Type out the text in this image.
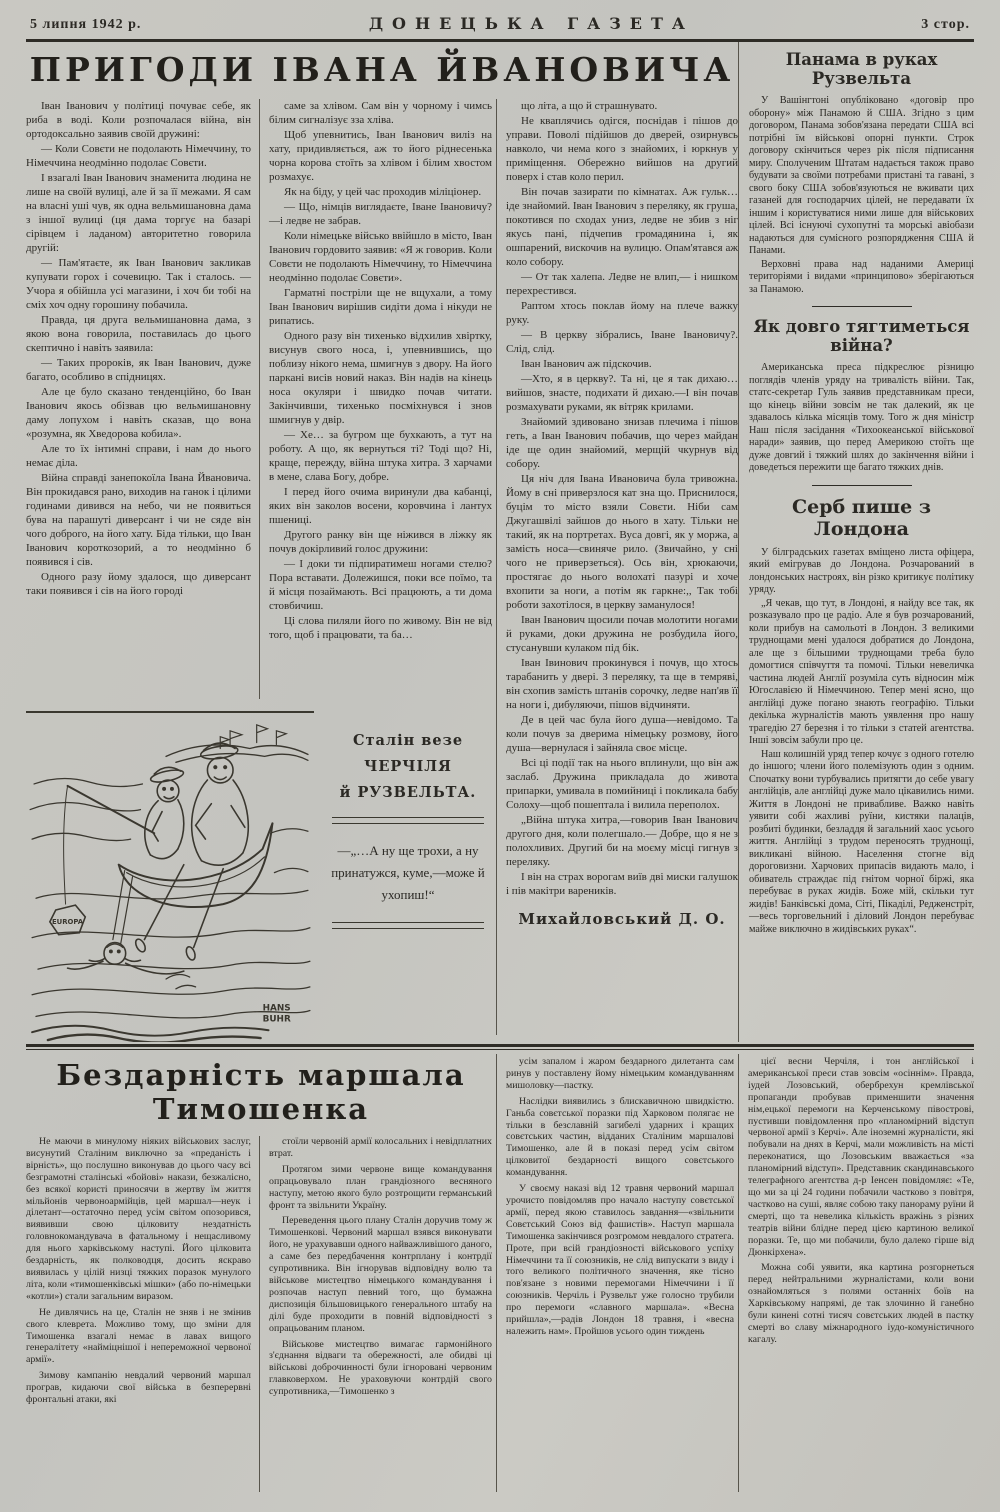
5 липня 1942 р.	ДОНЕЦЬКА ГАЗЕТА	3 стор.
ПРИГОДИ ІВАНА ЙВАНОВИЧА

Іван Іванович у політиці почуває себе, як риба в воді. Коли розпочалася війна, він ортодоксально заявив своїй дружині:

— Коли Совєти не подолають Німеччину, то Німеччина неодмінно подолає Совєти.

І взагалі Іван Іванович знаменита людина не лише на своїй вулиці, але й за її межами. Я сам на власні уші чув, як одна вельмишановна дама з іншої вулиці (ця дама торгує на базарі сірівцем і ладаном) авторитетно говорила другій:

— Пам'ятаєте, як Іван Іванович закликав купувати горох і сочевицю. Так і сталось. — Учора я обійшла усі магазини, і хоч би тобі на сміх хоч одну горошину побачила.

Правда, ця друга вельмишановна дама, з якою вона говорила, поставилась до цього скептично і навіть заявила:

— Таких пророків, як Іван Іванович, дуже багато, особливо в спідницях.

Але це було сказано тенденційно, бо Іван Іванович якось обізвав цю вельмишановну даму лопухом і навіть сказав, що вона «розумна, як Хведорова кобила».

Але то їх інтимні справи, і нам до нього немає діла.

Війна справді занепокоїла Івана Йвановича. Він прокидався рано, виходив на ганок і цілими годинами дивився на небо, чи не появиться бува на парашуті диверсант і чи не сяде він чого доброго, на його хату. Біда тільки, що Іван Іванович короткозорий, а то неодмінно б появився і сів.

Одного разу йому здалося, що диверсант таки появився і сів на його городі

саме за хлівом. Сам він у чорному і чимсь білим сигналізує зза хліва.

Щоб упевнитись, Іван Іванович виліз на хату, придивляється, аж то його ріднесенька чорна корова стоїть за хлівом і білим хвостом розмахує.

Як на біду, у цей час проходив міліціонер.

— Що, німців виглядаєте, Іване Івановичу?—і ледве не забрав.

Коли німецьке військо ввійшло в місто, Іван Іванович гордовито заявив: «Я ж говорив. Коли Совєти не подолають Німеччину, то Німеччина неодмінно подолає Совєти».

Гарматні постріли ще не вщухали, а тому Іван Іванович вирішив сидіти дома і нікуди не рипатись.

Одного разу він тихенько відхилив хвіртку, висунув свого носа, і, упевнившись, що поблизу нікого нема, шмигнув з двору. На його паркані висів новий наказ. Він надів на кінець носа окуляри і швидко почав читати. Закінчивши, тихенько посміхнувся і знов шмигнув у двір.

— Хе… за бугром ще бухкають, а тут на роботу. А що, як вернуться ті? Тоді що? Ні, краще, пережду, війна штука хитра. З харчами в мене, слава Богу, добре.

І перед його очима виринули два кабанці, яких він заколов восени, коровчина і лантух пшениці.

Другого ранку він ще ніжився в ліжку як почув докірливий голос дружини:

— І доки ти підпиратимеш ногами стелю? Пора вставати. Долежишся, поки все поїмо, та й місця позаймають. Всі працюють, а ти дома стовбичиш.

Ці слова пиляли його по живому. Він не від того, щоб і працювати, та ба…

EUROPA
HANS
BUHR
Сталін везе
ЧЕРЧІЛЯ
й РУЗВЕЛЬТА.

—„…А ну ще трохи, а ну принатужся, куме,—може й ухопиш!“

що літа, а що й страшнувато.

Не кваплячись одігся, поснідав і пішов до управи. Поволі підійшов до дверей, озирнувсь навколо, чи нема кого з знайомих, і юркнув у приміщення. Обережно вийшов на другий поверх і став коло перил.

Він почав зазирати по кімнатах. Аж гульк… іде знайомий. Іван Іванович з переляку, як груша, покотився по сходах униз, ледве не збив з ніг якусь пані, підчепив громадянина і, як ошпарений, вискочив на вулицю. Опам'ятався аж коло собору.

— От так халепа. Ледве не влип,— і нишком перехрестився.

Раптом хтось поклав йому на плече важку руку.

— В церкву зібрались, Іване Івановичу?. Слід, слід.

Іван Іванович аж підскочив.

—Хто, я в церкву?. Та ні, це я так дихаю… вийшов, знасте, подихати й дихаю.—І він почав розмахувати руками, як вітряк крилами.

Знайомий здивовано знизав плечима і пішов геть, а Іван Іванович побачив, що через майдан іде ще один знайомий, мерщій чкурнув від собору.

Ця ніч для Івана Ивановича була тривожна. Йому в сні приверзлося кат зна що. Приснилося, буцім то місто взяли Совєти. Ніби сам Джугашвілі зайшов до нього в хату. Тільки не такий, як на портретах. Вуса довгі, як у моржа, а замість носа—свиняче рило. (Звичайно, у сні чого не приверзеться). Ось він, хрюкаючи, простягає до нього волохаті пазурі и хоче вхопити за ноги, а потім як гаркне:,, Так тобі роботи захотілося, в церкву заманулося!

Іван Іванович щосили почав молотити ногами й руками, доки дружина не розбудила його, стусанувши кулаком під бік.

Іван Івинович прокинувся і почув, що хтось тарабанить у двері. З переляку, та ще в темряві, він схопив замість штанів сорочку, ледве нап'яв її на ноги і, дибуляючи, пішов відчиняти.

Де в цей час була його душа—невідомо. Та коли почув за дверима німецьку розмову, його душа—вернулася і зайняла своє місце.

Всі ці події так на нього вплинули, що він аж заслаб. Дружина прикладала до живота припарки, умивала в помийниці і покликала бабу Солоху—щоб пошептала і вилила переполох.

„Війна штука хитра,—говорив Іван Іванович другого дня, коли полегшало.— Добре, що я не з полохливих. Другий би на моєму місці гигнув з переляку.

І він на страх ворогам виїв дві миски галушок і пів макітри вареників.

Михайловський Д. О.
Панама в руках Рузвельта

У Вашінгтоні опубліковано «договір про оборону» між Панамою й США. Згідно з цим договором, Панама зобов'язана передати США всі потрібні їм військові опорні пункти. Строк договору скінчиться через рік після підписання миру. Сполученим Штатам надається також право будувати за своїми потребами пристані та гавані, з свого боку США зобов'язуються не вживати цих газаней для господарчих цілей, не передавати їх іншим і користуватися ними лише для військових цілей. Всі існуючі сухопутні та морські авіобази надаються для сумісного розпорядження США й Панами.

Верховні права над наданими Америці територіями і видами «принципово» зберігаються за Панамою.

Як довго тягтиметься війна?

Американська преса підкреслює різницю поглядів членів уряду на тривалість війни. Так, статс-секретар Гуль заявив представникам преси, що кінець війни зовсім не так далекий, як це здавалось кілька місяців тому. Того ж дня міністр Наш після засідання «Тихоокеанської військової наради» заявив, що перед Америкою стоїть ще дуже довгий і тяжкий шлях до закінчення війни і доведеться пережити ще багато тяжких днів.

Серб пише з Лондона

У білградських газетах вміщено листа офіцера, який емігрував до Лондона. Розчарований в лондонських настроях, він різко критикує політику уряду.

„Я чекав, що тут, в Лондоні, я найду все так, як розказувало про це радіо. Але я був розчарований, коли прибув на самольоті в Лондон. З великими труднощами мені удалося добратися до Лондона, але ще з більшими труднощами треба було домогтися співчуття та помочі. Тільки невеличка частина людей Англії розуміла суть відносин між Югославією й Німеччиною. Тепер мені ясно, що англійці дуже погано знають географію. Тільки декілька журналістів мають уявлення про нашу трагедію 27 березня і то тільки з статей агентства. Інші зовсім забули про це.

Наш колишній уряд тепер кочує з одного готелю до іншого; члени його полемізують один з одним. Спочатку вони турбувались притягти до себе увагу англійців, але англійці дуже мало цікавились ними. Життя в Лондоні не привабливе. Важко навіть уявити собі жахливі руїни, кистяки палаців, розбиті будинки, безладдя й загальний хаос усього життя. Англійці з трудом переносять труднощі, викликані війною. Населення стогне від дороговизни. Харчових припасів видають мало, і обиватель страждає під гнітом чорної біржі, яка перебуває в руках жидів. Боже мій, скільки тут жидів! Банківські дома, Сіті, Пікаділі, Редженстріт,—весь торговельний і діловий Лондон перебуває майже виключно в жидівських руках“.

Бездарність маршала Тимошенка

Не маючи в минулому ніяких військових заслуг, висунутий Сталіним виключно за «преданість і вірність», що послушно виконував до цього часу всі безграмотні сталінські «бойові» накази, безжалісно, без всякої користі приносячи в жертву їм життя мільйонів червоноармійців, цей маршал—неук і ділетант—остаточно перед усім світом опозорився, виявивши свою цілковиту нездатність головнокомандувача в фатальному і нещасливому для нього харківському наступі. Його цілковита бездарність, як полководця, досить яскраво виявилась у цілій низці тяжких поразок мунулого літа, коли «тимошенківські мішки» (або по-німецьки «котли») стали загальним виразом.

Не дивлячись на це, Сталін не зняв і не змінив свого клеврета. Можливо тому, що зміни для Тимошенка взагалі немає в лавах вищого генералітету «найміцнішої і непереможної червоної армії».

Зимову кампанію невдалий червоний маршал програв, кидаючи свої війська в безперервні фронтальні атаки, які

стоїли червоній армії колосальних і невідплатних втрат.

Протягом зими червоне вище командування опрацьовувало план грандіозного весняного наступу, метою якого було розтрощити германський фронт та звільнити Україну.

Переведення цього плану Сталін доручив тому ж Тимошенкові. Червоний маршал взявся виконувати його, не урахувавши одного найважливішого даного, а саме без передбачення контрплану і контрдії супротивника. Він ігнорував відповідну волю та військове мистецтво німецького командування і розпочав наступ певний того, що бумажна диспозиція більшовицького генерального штабу на ділі буде проходити в повній відповідності з опрацьованим планом.

Військове мистецтво вимагає гармонійного з'єднання відваги та обережності, але обидві ці військові доброчинності були ігноровані червоним главковерхом. Не ураховуючи контрдій свого супротивника,—Тимошенко з

усім запалом і жаром бездарного дилетанта сам ринув у поставлену йому німецьким командуванням мишоловку—пастку.

Наслідки виявились з блискавичною швидкістю. Ганьба совєтської поразки під Харковом полягає не тільки в безславній загибелі ударних і кращих совєтських частин, відданих Сталіним маршалові Тимошенко, але й в показі перед усім світом цілковитої бездарності вищого совєтського командування.

У своєму наказі від 12 травня червоний маршал урочисто повідомляв про начало наступу совєтської армії, перед якою ставилось завдання—«звільнити Совєтський Союз від фашистів». Наступ маршала Тимошенка закінчився розгромом невдалого стратега. Проте, при всій грандіозності військового успіху Німеччини та її союзників, не слід випускати з виду і того великого політичного значення, яке тісно пов'язане з новими перемогами Німеччини і її союзників. Черчіль і Рузвельт уже голосно трубили про перемоги «славного маршала». «Весна прийшла»,—радів Лондон 18 травня, і «весна належить нам». Пройшов усього один тиждень

цієї весни Черчіля, і тон англійської і американської преси став зовсім «осіннім». Правда, іудей Лозовський, обербрехун кремлівської пропаганди пробував применшити значення нім,ецької перемоги на Керченському півострові, пустивши повідомлення про «планомірний відступ червоної армії з Керчі». Але іноземні журналісти, які побували на днях в Керчі, мали можливість на місті переконатися, що Лозовським вважається «за планомірний відступ». Представник скандинавського телеграфного агентства д-р Іенсен повідомляє: «Те, що ми за ці 24 години побачили частково з повітря, частково на суші, являє собою таку панораму руїни й смерті, що та невелика кількість вражінь з різних театрів війни блідне перед цією картиною великої поразки. Те, що ми побачили, було далеко гірше від Дюнкірхена».

Можна собі уявити, яка картина розгорнеться перед нейтральними журналістами, коли вони ознайомляться з полями останніх боїв на Харківському напрямі, де так злочинно й ганебно були кинені сотні тисяч совєтських людей в пастку смерті во славу міжнародного іудо-комуністичного кагалу.
